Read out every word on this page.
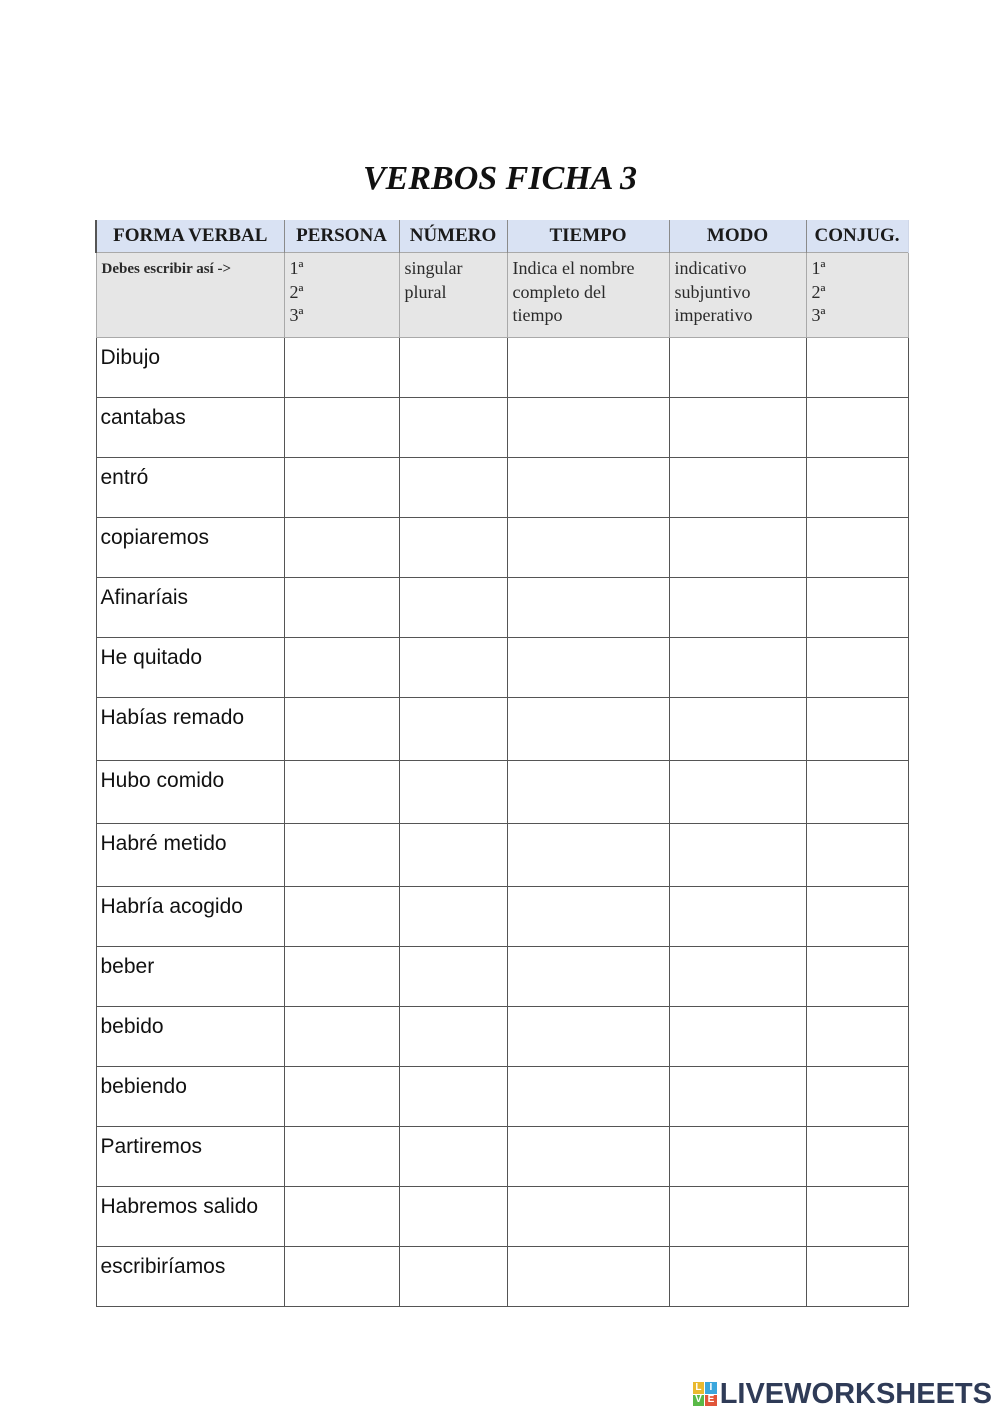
VERBOS FICHA 3
FORMA VERBAL	PERSONA	NÚMERO	TIEMPO	MODO	CONJUG.
Debes escribir así ->	1ª
2ª
3ª	singular
plural	Indica el nombre
completo del
tiempo	indicativo
subjuntivo
imperativo	1ª
2ª
3ª

Dibujo					
cantabas					
entró					
copiaremos					
Afinaríais					
He quitado					
Habías remado					
Hubo comido					
Habré metido					
Habría acogido					
beber					
bebido					
bebiendo					
Partiremos					
Habremos salido					
escribiríamos					
L I
V E LIVEWORKSHEETS
